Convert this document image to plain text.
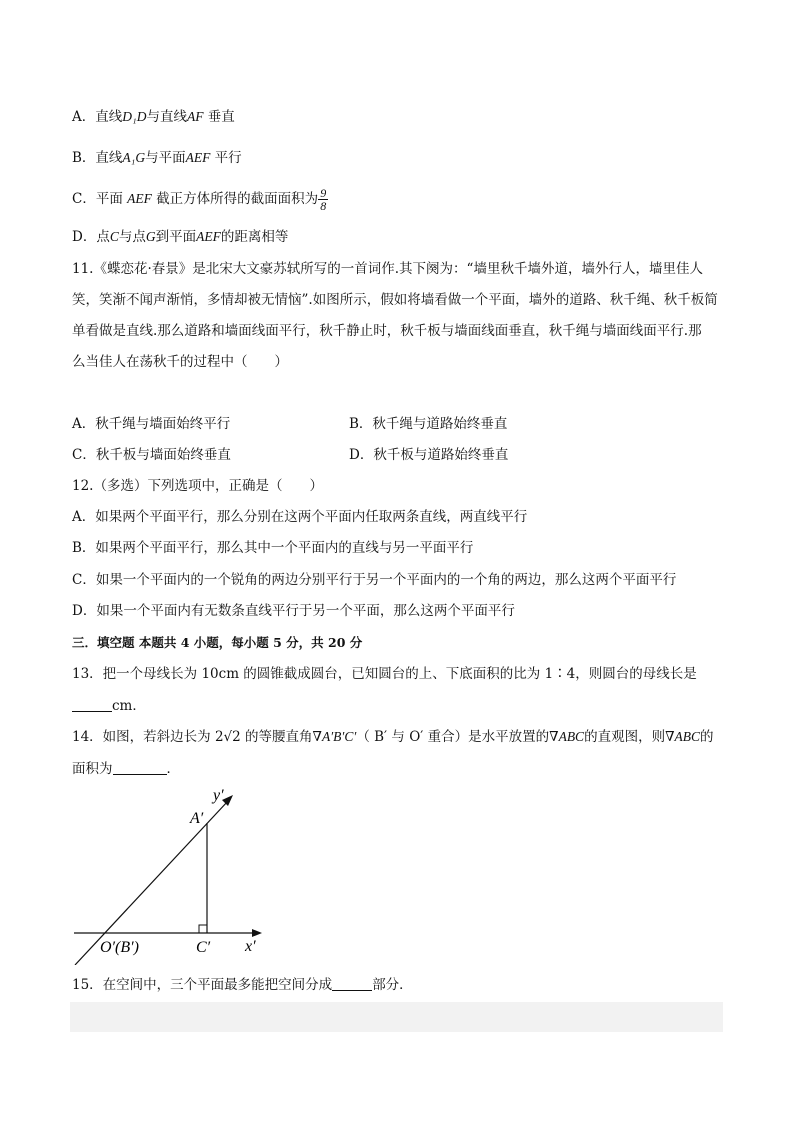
A．直线D₁D与直线AF 垂直
B．直线A₁G与平面AEF 平行
C．平面 AEF 截正方体所得的截面面积为 $\frac{9}{8}$
D．点C与点G到平面AEF的距离相等
11.《蝶恋花·春景》是北宋大文豪苏轼所写的一首词作.其下阕为：“墙里秋千墙外道，墙外行人，墙里佳人
笑，笑渐不闻声渐悄，多情却被无情恼”.如图所示，假如将墙看做一个平面，墙外的道路、秋千绳、秋千板简
单看做是直线.那么道路和墙面线面平行，秋千静止时，秋千板与墙面线面垂直，秋千绳与墙面线面平行.那
么当佳人在荡秋千的过程中（　　）
A．秋千绳与墙面始终平行	B．秋千绳与道路始终垂直
C．秋千板与墙面始终垂直	D．秋千板与道路始终垂直
12.（多选）下列选项中，正确是（　　）
A．如果两个平面平行，那么分别在这两个平面内任取两条直线，两直线平行
B．如果两个平面平行，那么其中一个平面内的直线与另一平面平行
C．如果一个平面内的一个锐角的两边分别平行于另一个平面内的一个角的两边，那么这两个平面平行
D．如果一个平面内有无数条直线平行于另一个平面，那么这两个平面平行
三．填空题 本题共 4 小题，每小题 5 分，共 20 分
13．把一个母线长为 10cm 的圆锥截成圆台，已知圆台的上、下底面积的比为 1∶4，则圆台的母线长是
cm．
14．如图，若斜边长为 2√2 的等腰直角∇A′B′C′（ B′ 与 O′ 重合）是水平放置的∇ABC的直观图，则∇ABC的
面积为	．
y′
A′
O′(B′)	C′ x′
15．在空间中，三个平面最多能把空间分成	部分．
